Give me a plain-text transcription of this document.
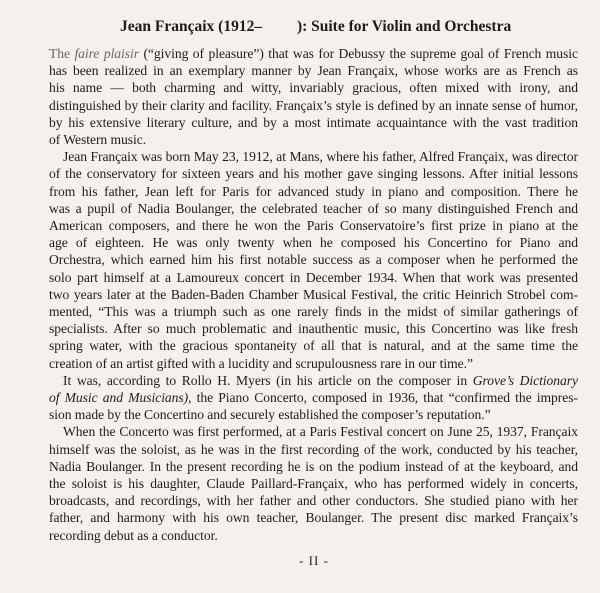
Jean Françaix (1912–         ): Suite for Violin and Orchestra

The faire plaisir (“giving of pleasure”) that was for Debussy the supreme goal of French music
has been realized in an exemplary manner by Jean Françaix, whose works are as French as
his name — both charming and witty, invariably gracious, often mixed with irony, and
distinguished by their clarity and facility. Françaix’s style is defined by an innate sense of humor,
by his extensive literary culture, and by a most intimate acquaintance with the vast tradition
of Western music.

Jean Françaix was born May 23, 1912, at Mans, where his father, Alfred Françaix, was director
of the conservatory for sixteen years and his mother gave singing lessons. After initial lessons
from his father, Jean left for Paris for advanced study in piano and composition. There he
was a pupil of Nadia Boulanger, the celebrated teacher of so many distinguished French and
American composers, and there he won the Paris Conservatoire’s first prize in piano at the
age of eighteen. He was only twenty when he composed his Concertino for Piano and
Orchestra, which earned him his first notable success as a composer when he performed the
solo part himself at a Lamoureux concert in December 1934. When that work was presented
two years later at the Baden-Baden Chamber Musical Festival, the critic Heinrich Strobel com-
mented, “This was a triumph such as one rarely finds in the midst of similar gatherings of
specialists. After so much problematic and inauthentic music, this Concertino was like fresh
spring water, with the gracious spontaneity of all that is natural, and at the same time the
creation of an artist gifted with a lucidity and scrupulousness rare in our time.”

It was, according to Rollo H. Myers (in his article on the composer in Grove’s Dictionary
of Music and Musicians), the Piano Concerto, composed in 1936, that “confirmed the impres-
sion made by the Concertino and securely established the composer’s reputation.”

When the Concerto was first performed, at a Paris Festival concert on June 25, 1937, Françaix
himself was the soloist, as he was in the first recording of the work, conducted by his teacher,
Nadia Boulanger. In the present recording he is on the podium instead of at the keyboard, and
the soloist is his daughter, Claude Paillard-Françaix, who has performed widely in concerts,
broadcasts, and recordings, with her father and other conductors. She studied piano with her
father, and harmony with his own teacher, Boulanger. The present disc marked Françaix’s
recording debut as a conductor.

- II -
